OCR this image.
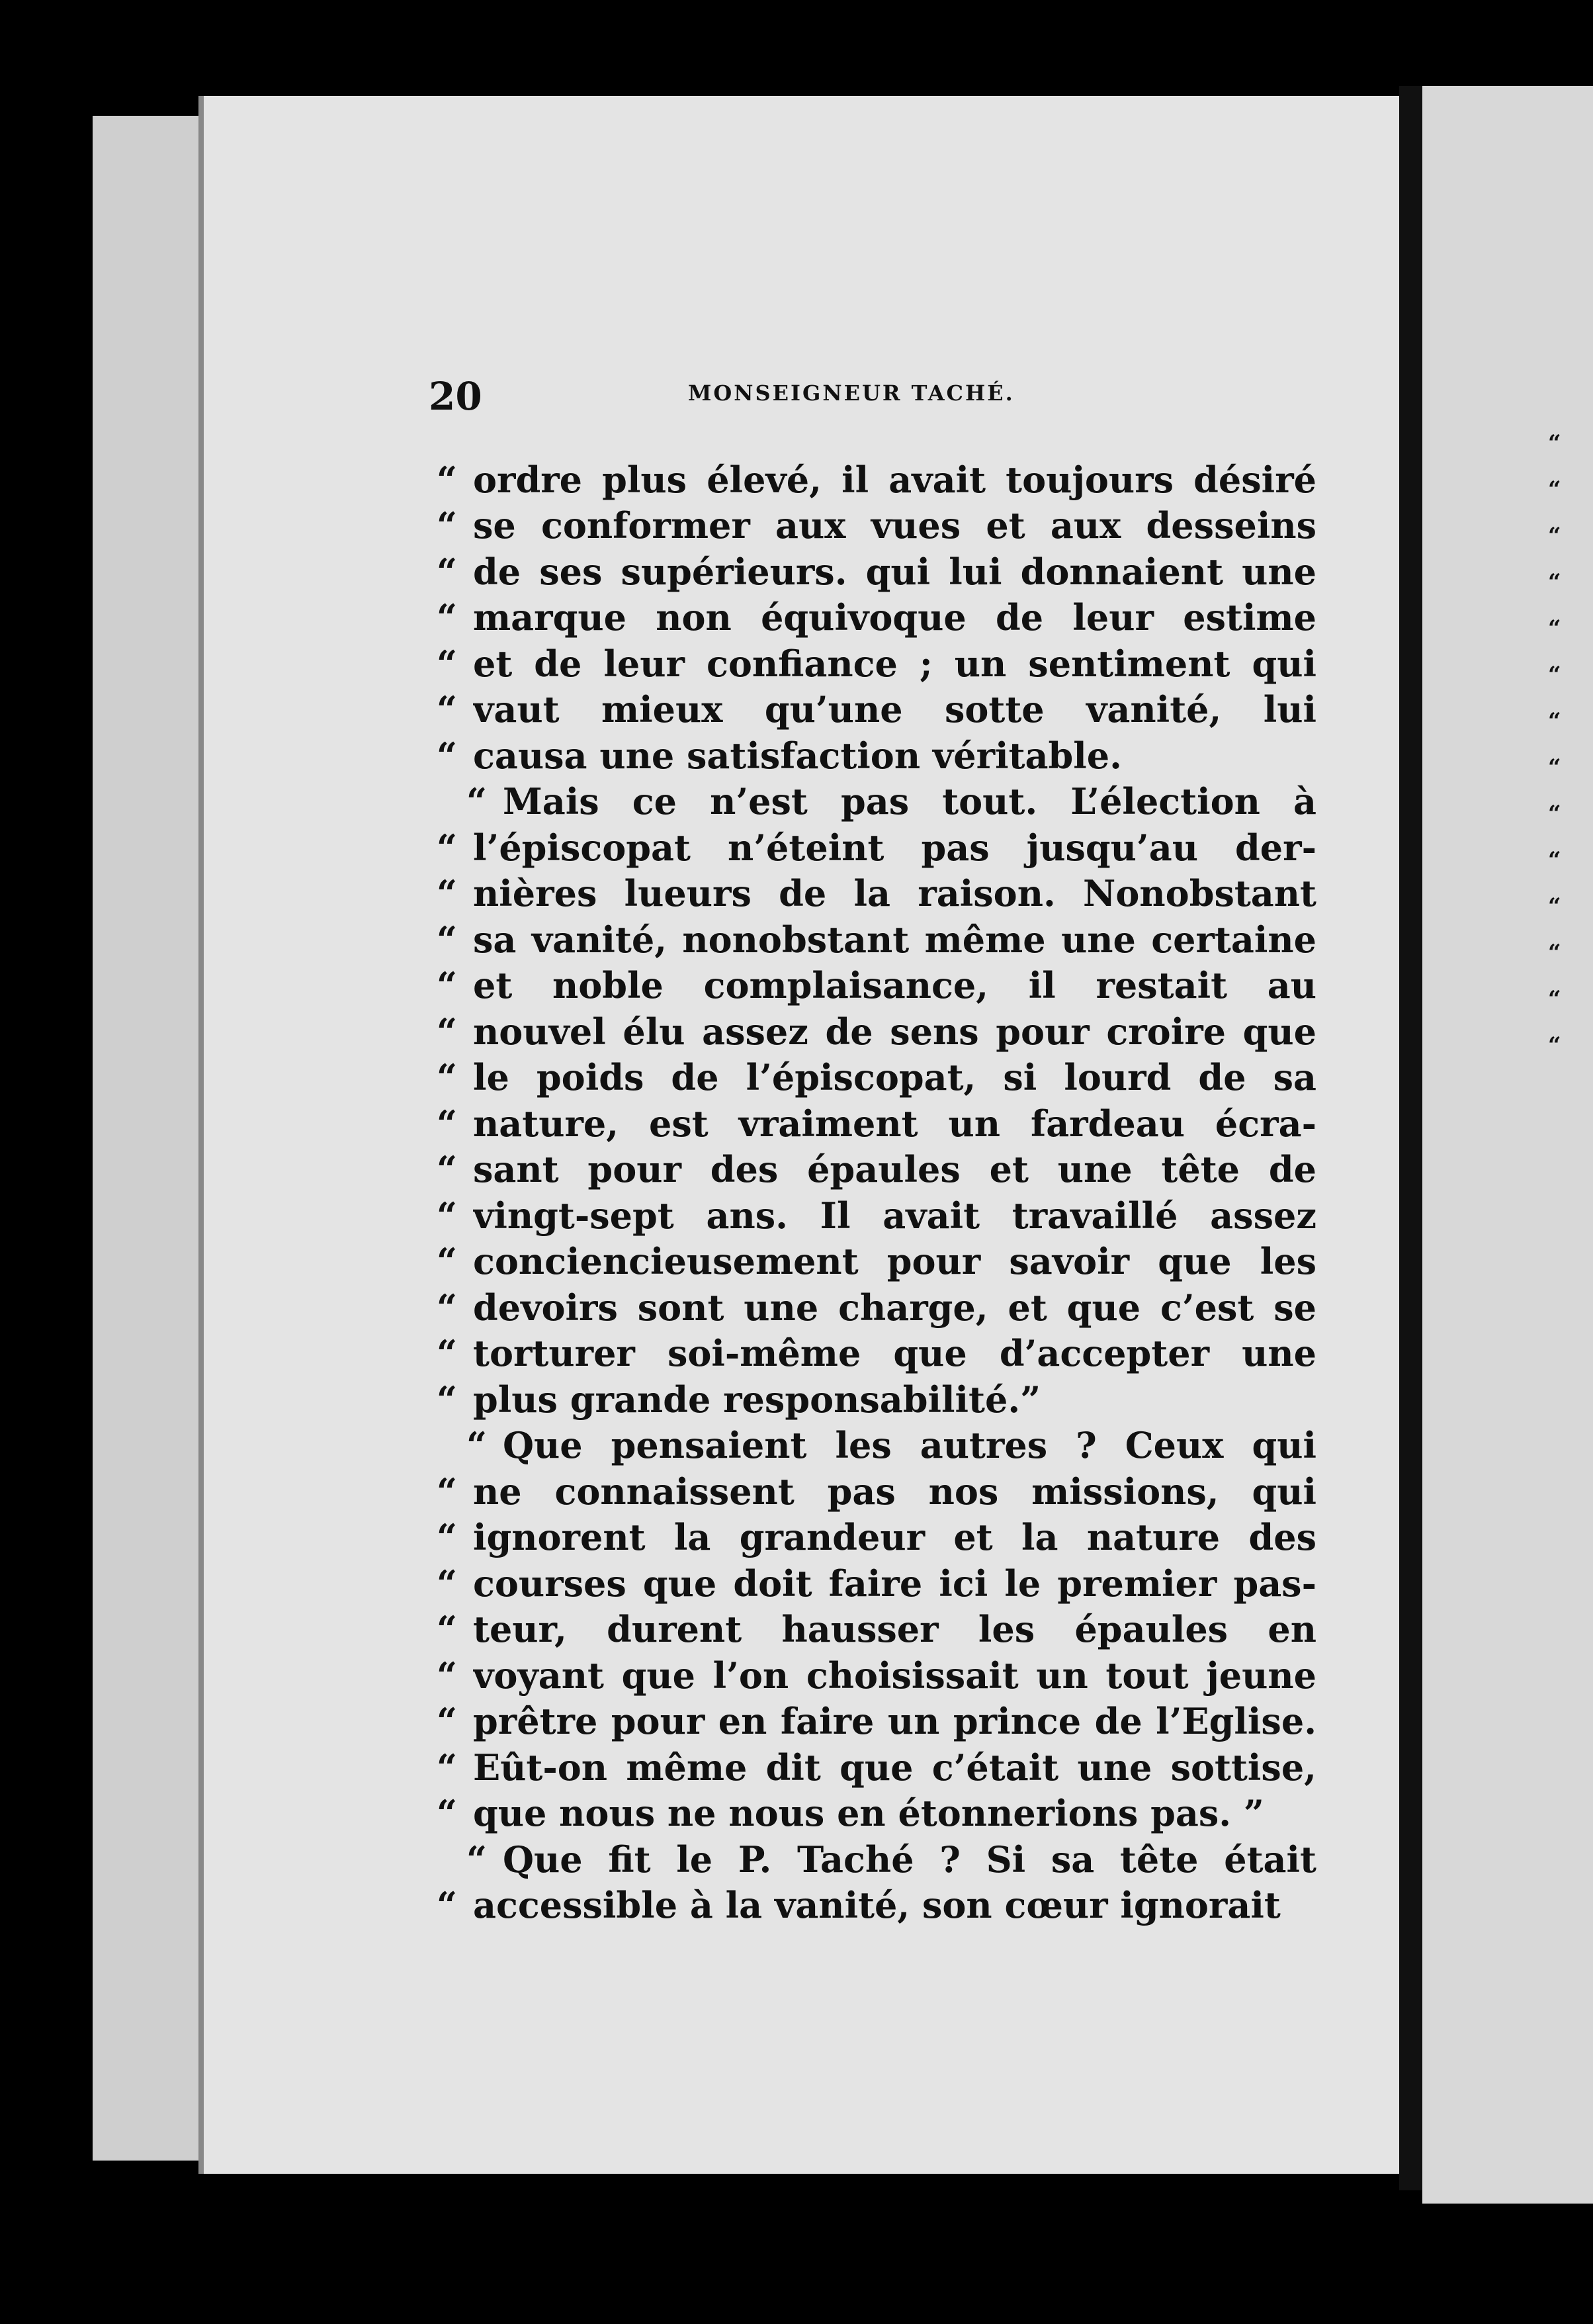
“
“
“
“
“
“
“
“
“
“
“
“
“
“
20	MONSEIGNEUR TACHÉ.
“ ordre plus élevé, il avait toujours désiré
“ se conformer aux vues et aux desseins
“ de ses supérieurs. qui lui donnaient une
“ marque non équivoque de leur estime
“ et de leur confiance ; un sentiment qui
“ vaut mieux qu’une sotte vanité, lui
“ causa une satisfaction véritable.
“ Mais ce n’est pas tout. L’élection à
“ l’épiscopat n’éteint pas jusqu’au der-
“ nières lueurs de la raison. Nonobstant
“ sa vanité, nonobstant même une certaine
“ et noble complaisance, il restait au
“ nouvel élu assez de sens pour croire que
“ le poids de l’épiscopat, si lourd de sa
“ nature, est vraiment un fardeau écra-
“ sant pour des épaules et une tête de
“ vingt-sept ans. Il avait travaillé assez
“ conciencieusement pour savoir que les
“ devoirs sont une charge, et que c’est se
“ torturer soi-même que d’accepter une
“ plus grande responsabilité.”
“ Que pensaient les autres ? Ceux qui
“ ne connaissent pas nos missions, qui
“ ignorent la grandeur et la nature des
“ courses que doit faire ici le premier pas-
“ teur, durent hausser les épaules en
“ voyant que l’on choisissait un tout jeune
“ prêtre pour en faire un prince de l’Eglise.
“ Eût-on même dit que c’était une sottise,
“ que nous ne nous en étonnerions pas. ”
“ Que fit le P. Taché ? Si sa tête était
“ accessible à la vanité, son cœur ignorait
